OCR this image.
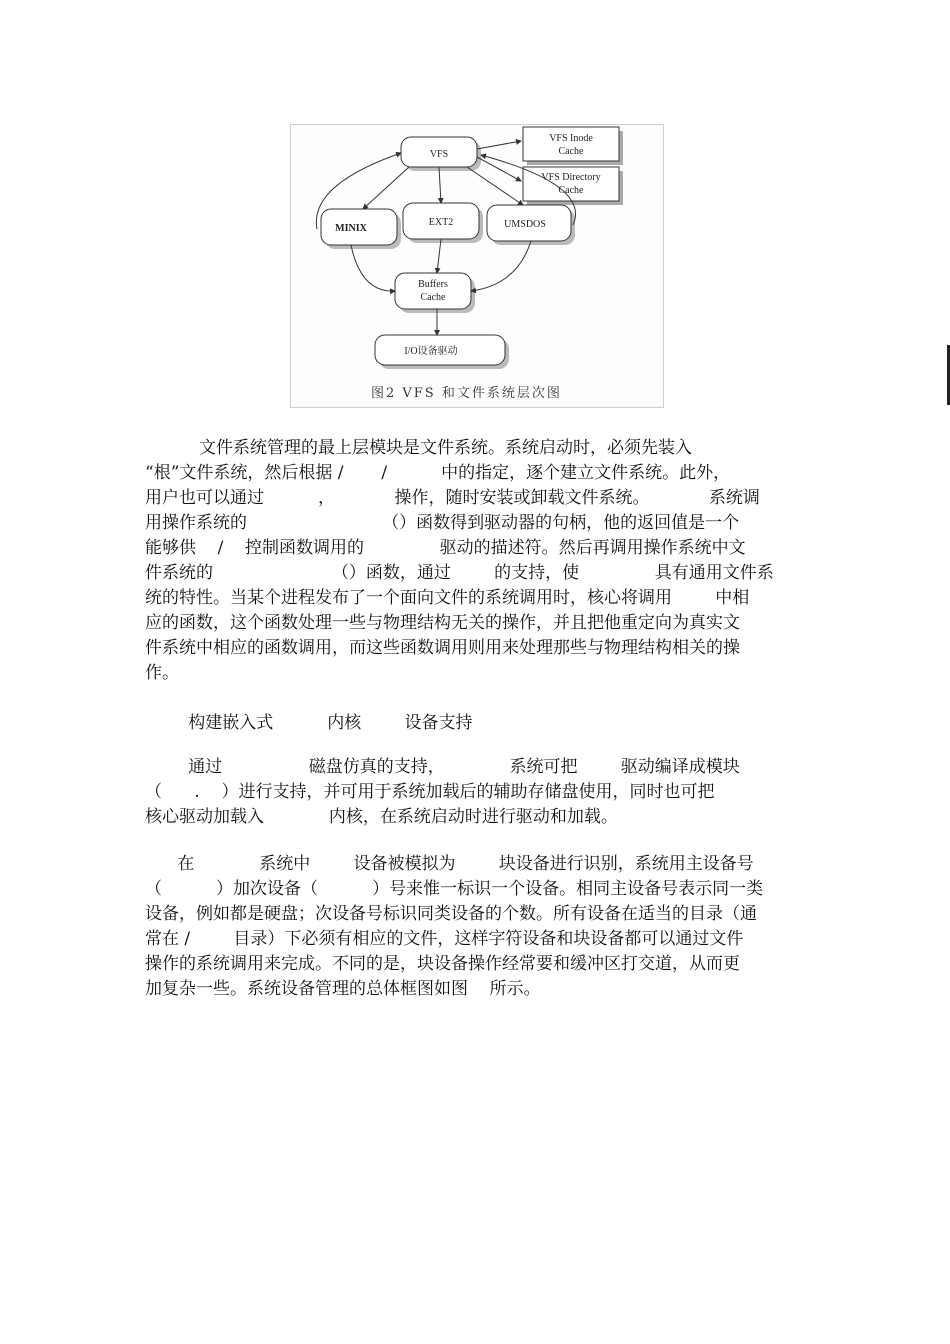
VFS
VFS Inode
Cache
VFS Directory
Cache
MINIX
EXT2	UMSDOS
Buffers
Cache
I/O设备驱动
图2 VFS 和文件系统层次图
文件系统管理的最上层模块是文件系统。系统启动时，必须先装入
“根”文件系统，然后根据 /       /          中的指定，逐个建立文件系统。此外，
用户也可以通过          ，           操作，随时安装或卸载文件系统。           系统调
用操作系统的                         （）函数得到驱动器的句柄，他的返回值是一个
能够供    /    控制函数调用的              驱动的描述符。然后再调用操作系统中文
件系统的                      （）函数，通过        的支持，使              具有通用文件系
统的特性。当某个进程发布了一个面向文件的系统调用时，核心将调用        中相
应的函数，这个函数处理一些与物理结构无关的操作，并且把他重定向为真实文
件系统中相应的函数调用，而这些函数调用则用来处理那些与物理结构相关的操
作。
构建嵌入式          内核        设备支持
通过                磁盘仿真的支持，            系统可把        驱动编译成模块
（      .    ）进行支持，并可用于系统加载后的辅助存储盘使用，同时也可把
核心驱动加载入            内核，在系统启动时进行驱动和加载。
在            系统中        设备被模拟为        块设备进行识别，系统用主设备号
（          ）加次设备（          ）号来惟一标识一个设备。相同主设备号表示同一类
设备，例如都是硬盘；次设备号标识同类设备的个数。所有设备在适当的目录（通
常在 /        目录）下必须有相应的文件，这样字符设备和块设备都可以通过文件
操作的系统调用来完成。不同的是，块设备操作经常要和缓冲区打交道，从而更
加复杂一些。系统设备管理的总体框图如图    所示。
